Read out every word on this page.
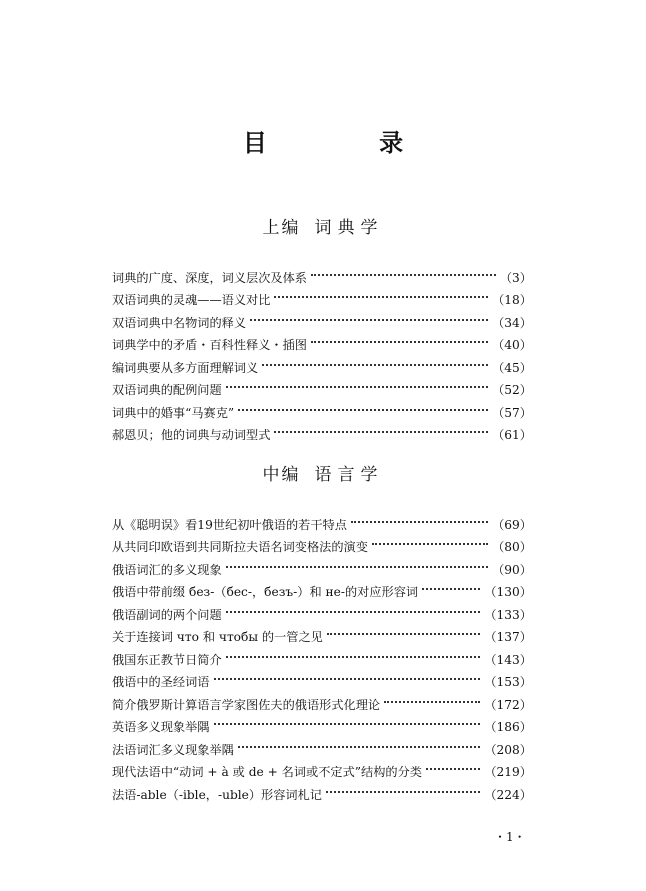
目 录
上编 词典学
词典的广度、深度，词义层次及体系	（3）
双语词典的灵魂——语义对比	（18）
双语词典中名物词的释义	（34）
词典学中的矛盾・百科性释义・插图	（40）
编词典要从多方面理解词义	（45）
双语词典的配例问题	（52）
词典中的婚事“马赛克”	（57）
郝恩贝；他的词典与动词型式	（61）
中编 语言学
从《聪明误》看19世纪初叶俄语的若干特点	（69）
从共同印欧语到共同斯拉夫语名词变格法的演变	（80）
俄语词汇的多义现象	（90）
俄语中带前缀 без-（бес-，безъ-）和 не-的对应形容词	（130）
俄语副词的两个问题	（133）
关于连接词 что 和 чтобы 的一管之见	（137）
俄国东正教节日简介	（143）
俄语中的圣经词语	（153）
简介俄罗斯计算语言学家图佐夫的俄语形式化理论	（172）
英语多义现象举隅	（186）
法语词汇多义现象举隅	（208）
现代法语中“动词 + à 或 de + 名词或不定式”结构的分类	（219）
法语-able（-ible，-uble）形容词札记	（224）
・1・
